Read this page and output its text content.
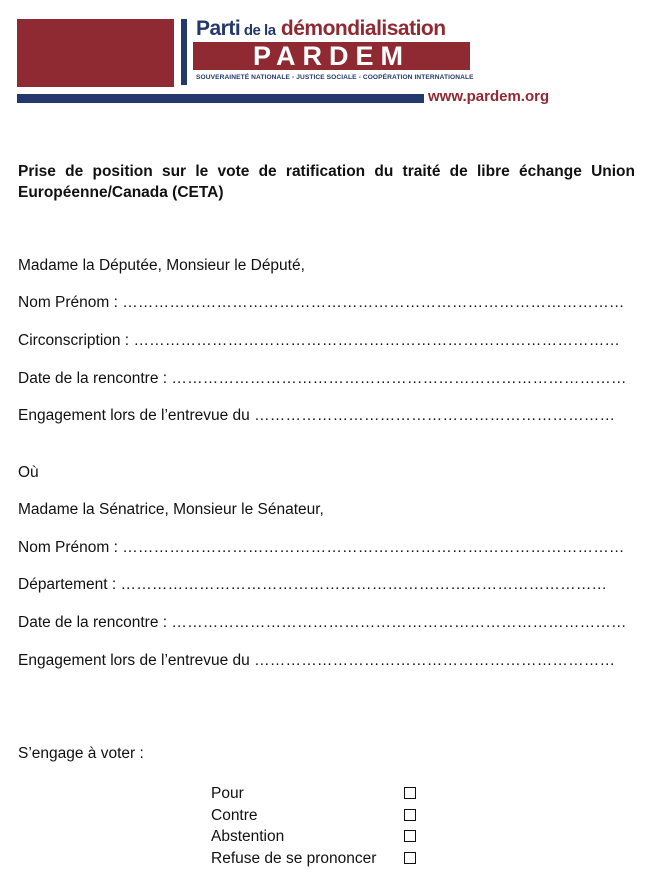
Parti de la démondialisation
PARDEM
SOUVERAINETÉ NATIONALE - JUSTICE SOCIALE - COOPÉRATION INTERNATIONALE
www.pardem.org
Prise de position sur le vote de ratification du traité de libre échange Union Européenne/Canada (CETA)
Madame la Députée, Monsieur le Député,
Nom Prénom : ……………………………………………………………………………………
Circonscription : …………………………………………………………………………………
Date de la rencontre : ……………………………………………………………………………
Engagement lors de l’entrevue du ……………………………………………………………
Où
Madame la Sénatrice, Monsieur le Sénateur,
Nom Prénom : ……………………………………………………………………………………
Département : …………………………………………………………………………………
Date de la rencontre : ……………………………………………………………………………
Engagement lors de l’entrevue du ……………………………………………………………
S’engage à voter :
Pour
Contre
Abstention
Refuse de se prononcer
